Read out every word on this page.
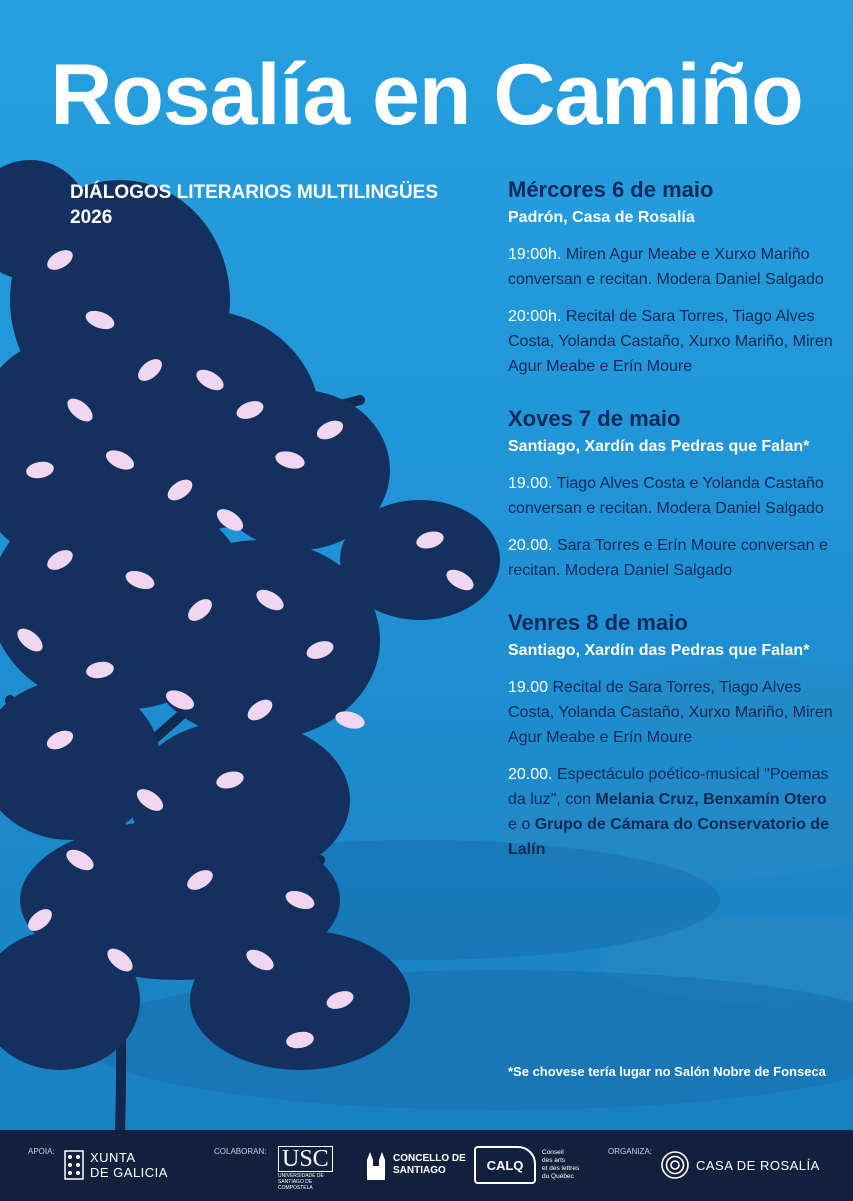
Rosalía en Camiño
DIÁLOGOS LITERARIOS MULTILINGÜES
2026
Mércores 6 de maio
Padrón, Casa de Rosalía

19:00h. Miren Agur Meabe e Xurxo Mariño conversan e recitan. Modera Daniel Salgado

20:00h. Recital de Sara Torres, Tiago Alves Costa, Yolanda Castaño, Xurxo Mariño, Miren Agur Meabe e Erín Moure

Xoves 7 de maio
Santiago, Xardín das Pedras que Falan*

19.00. Tiago Alves Costa e Yolanda Castaño conversan e recitan. Modera Daniel Salgado

20.00. Sara Torres e Erín Moure conversan e recitan. Modera Daniel Salgado

Venres 8 de maio
Santiago, Xardín das Pedras que Falan*

19.00 Recital de Sara Torres, Tiago Alves Costa, Yolanda Castaño, Xurxo Mariño, Miren Agur Meabe e Erín Moure

20.00. Espectáculo poético-musical "Poemas da luz", con Melania Cruz, Benxamín Otero e o Grupo de Cámara do Conservatorio de Lalín

*Se chovese tería lugar no Salón Nobre de Fonseca
APOIA:	XUNTA
DE GALICIA
COLABORAN: USC
UNIVERSIDADE DE SANTIAGO DE COMPOSTELA
CONCELLO DE
SANTIAGO	CALQ
Conseil
des arts
et des lettres
du Québec
ORGANIZA:
CASA DE ROSALÍA
